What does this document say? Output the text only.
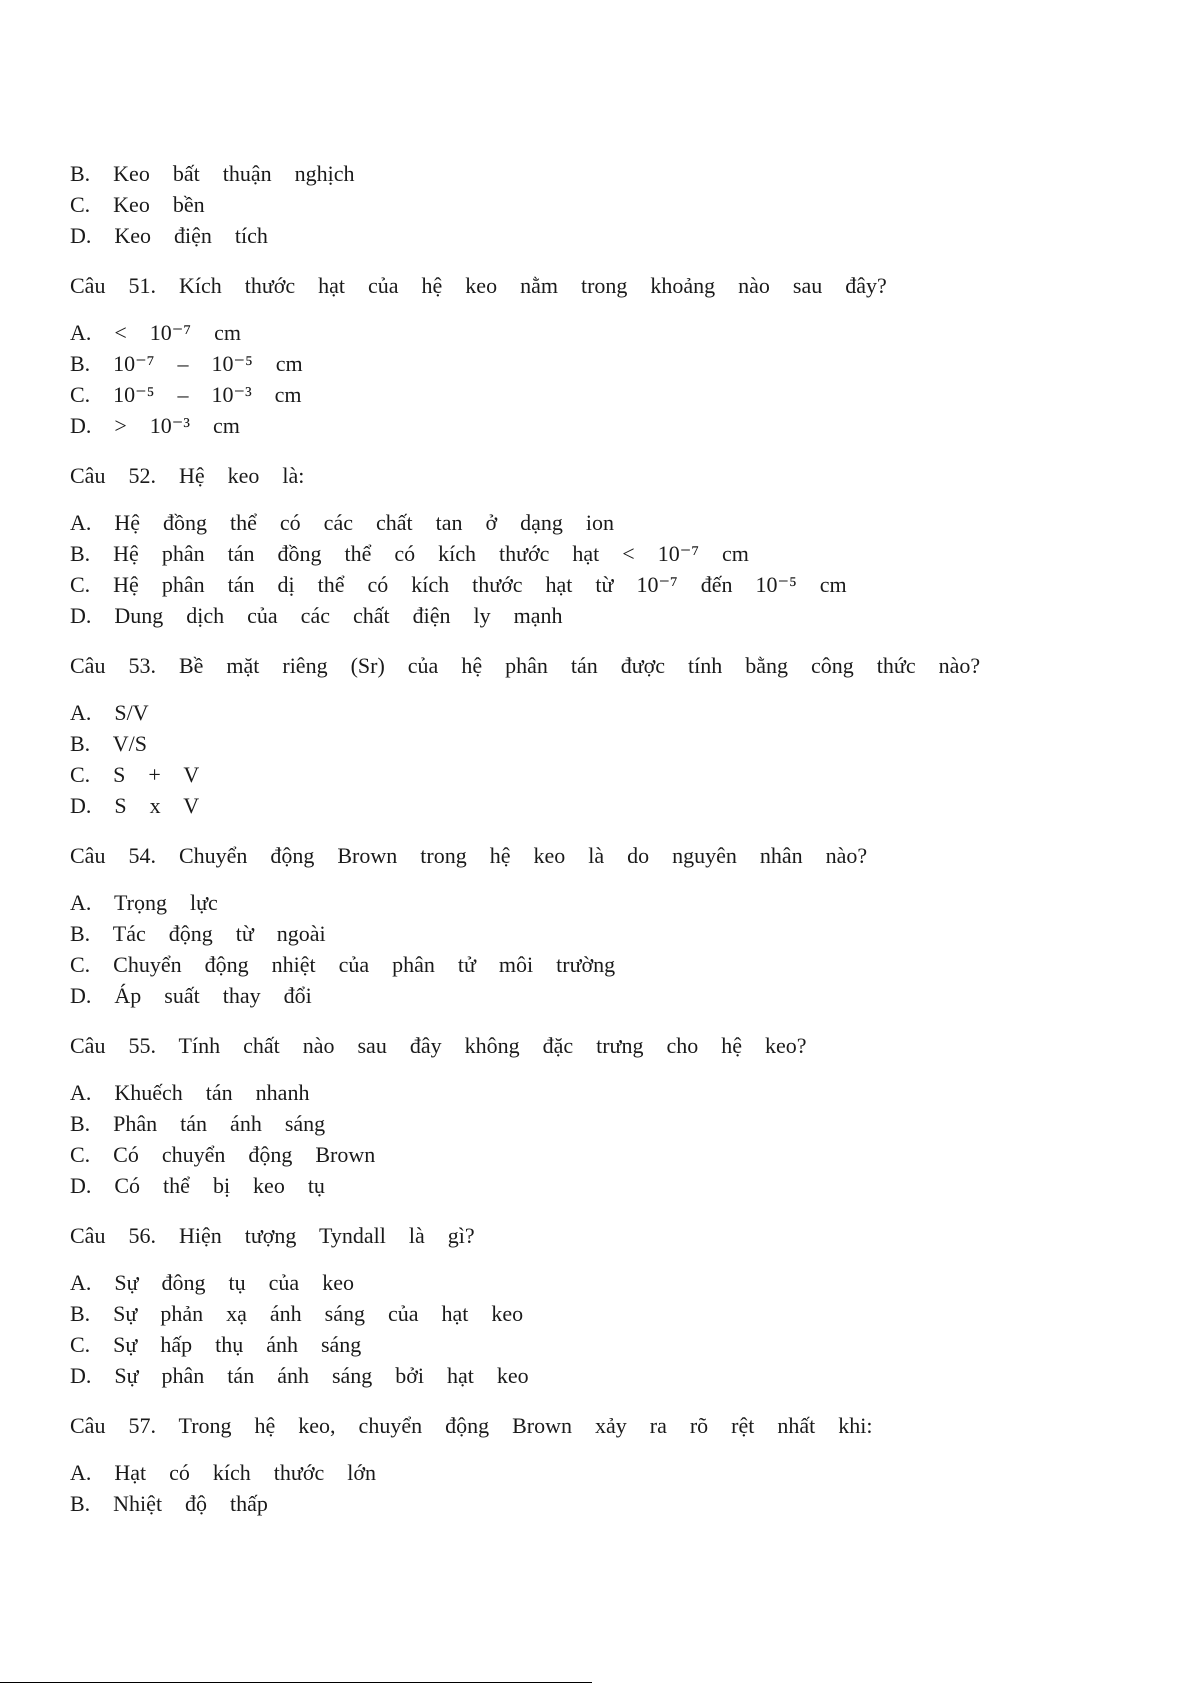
B.  Keo  bất  thuận  nghịch
C.  Keo  bền
D.  Keo  điện  tích
Câu  51.  Kích  thước  hạt  của  hệ  keo  nằm  trong  khoảng  nào  sau  đây?
A.  <  10⁻⁷  cm
B.  10⁻⁷  –  10⁻⁵  cm
C.  10⁻⁵  –  10⁻³  cm
D.  >  10⁻³  cm
Câu  52.  Hệ  keo  là:
A.  Hệ  đồng  thể  có  các  chất  tan  ở  dạng  ion
B.  Hệ  phân  tán  đồng  thể  có  kích  thước  hạt  <  10⁻⁷  cm
C.  Hệ  phân  tán  dị  thể  có  kích  thước  hạt  từ  10⁻⁷  đến  10⁻⁵  cm
D.  Dung  dịch  của  các  chất  điện  ly  mạnh
Câu  53.  Bề  mặt  riêng  (Sr)  của  hệ  phân  tán  được  tính  bằng  công  thức  nào?
A.  S/V
B.  V/S
C.  S  +  V
D.  S  x  V
Câu  54.  Chuyển  động  Brown  trong  hệ  keo  là  do  nguyên  nhân  nào?
A.  Trọng  lực
B.  Tác  động  từ  ngoài
C.  Chuyển  động  nhiệt  của  phân  tử  môi  trường
D.  Áp  suất  thay  đổi
Câu  55.  Tính  chất  nào  sau  đây  không  đặc  trưng  cho  hệ  keo?
A.  Khuếch  tán  nhanh
B.  Phân  tán  ánh  sáng
C.  Có  chuyển  động  Brown
D.  Có  thể  bị  keo  tụ
Câu  56.  Hiện  tượng  Tyndall  là  gì?
A.  Sự  đông  tụ  của  keo
B.  Sự  phản  xạ  ánh  sáng  của  hạt  keo
C.  Sự  hấp  thụ  ánh  sáng
D.  Sự  phân  tán  ánh  sáng  bởi  hạt  keo
Câu  57.  Trong  hệ  keo,  chuyển  động  Brown  xảy  ra  rõ  rệt  nhất  khi:
A.  Hạt  có  kích  thước  lớn
B.  Nhiệt  độ  thấp
